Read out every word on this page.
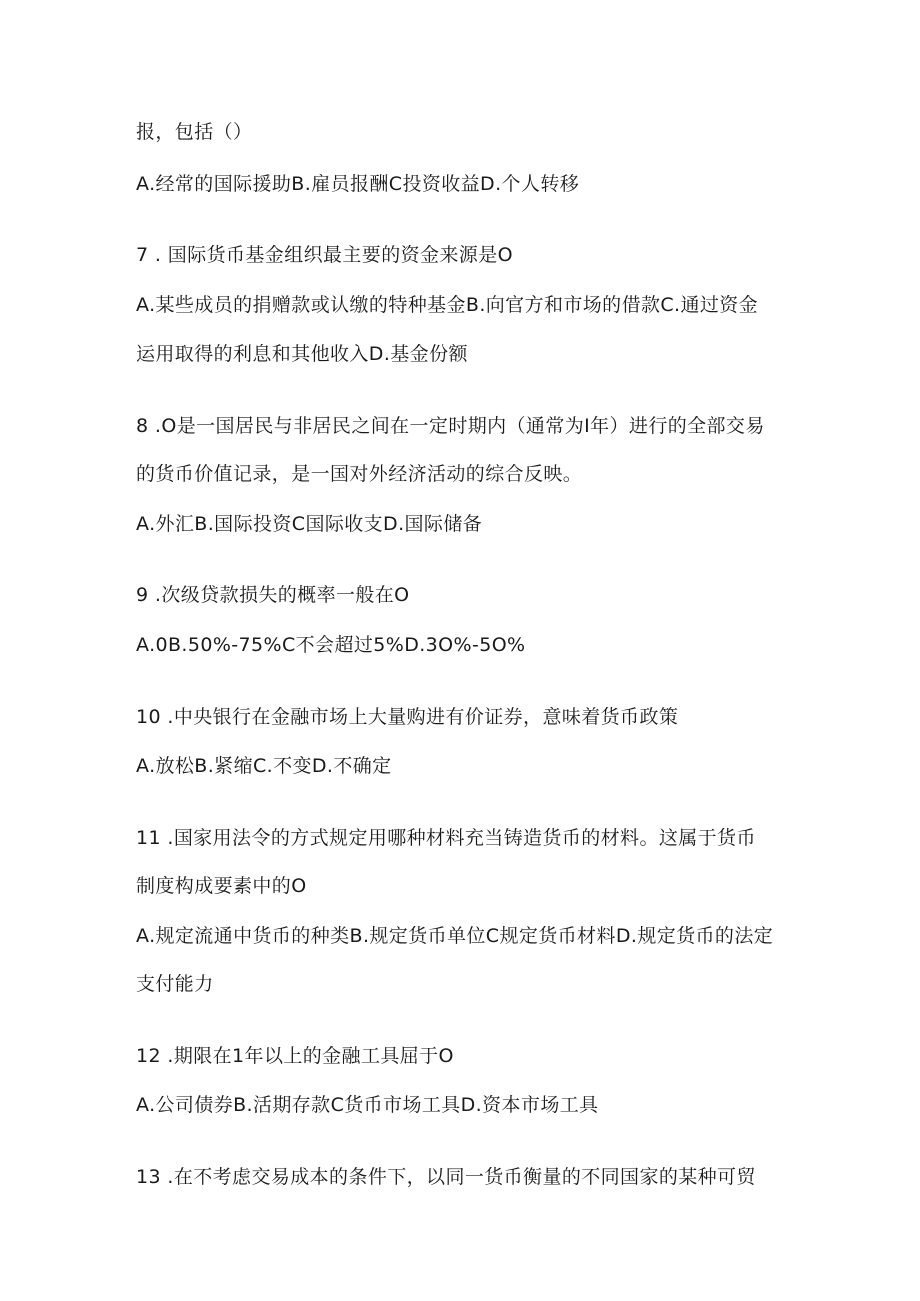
报，包括（）
A.经常的国际援助B.雇员报酬C投资收益D.个人转移
7 . 国际货币基金组织最主要的资金来源是O
A.某些成员的捐赠款或认缴的特种基金B.向官方和市场的借款C.通过资金
运用取得的利息和其他收入D.基金份额
8 .O是一国居民与非居民之间在一定时期内（通常为I年）进行的全部交易
的货币价值记录，是一国对外经济活动的综合反映。
A.外汇B.国际投资C国际收支D.国际储备
9 .次级贷款损失的概率一般在O
A.0B.50%-75%C不会超过5%D.3O%-5O%
10 .中央银行在金融市场上大量购进有价证券，意味着货币政策
A.放松B.紧缩C.不变D.不确定
11 .国家用法令的方式规定用哪种材料充当铸造货币的材料。这属于货币
制度构成要素中的O
A.规定流通中货币的种类B.规定货币单位C规定货币材料D.规定货币的法定
支付能力
12 .期限在1年以上的金融工具屈于O
A.公司债券B.活期存款C货币市场工具D.资本市场工具
13 .在不考虑交易成本的条件下，以同一货币衡量的不同国家的某种可贸
